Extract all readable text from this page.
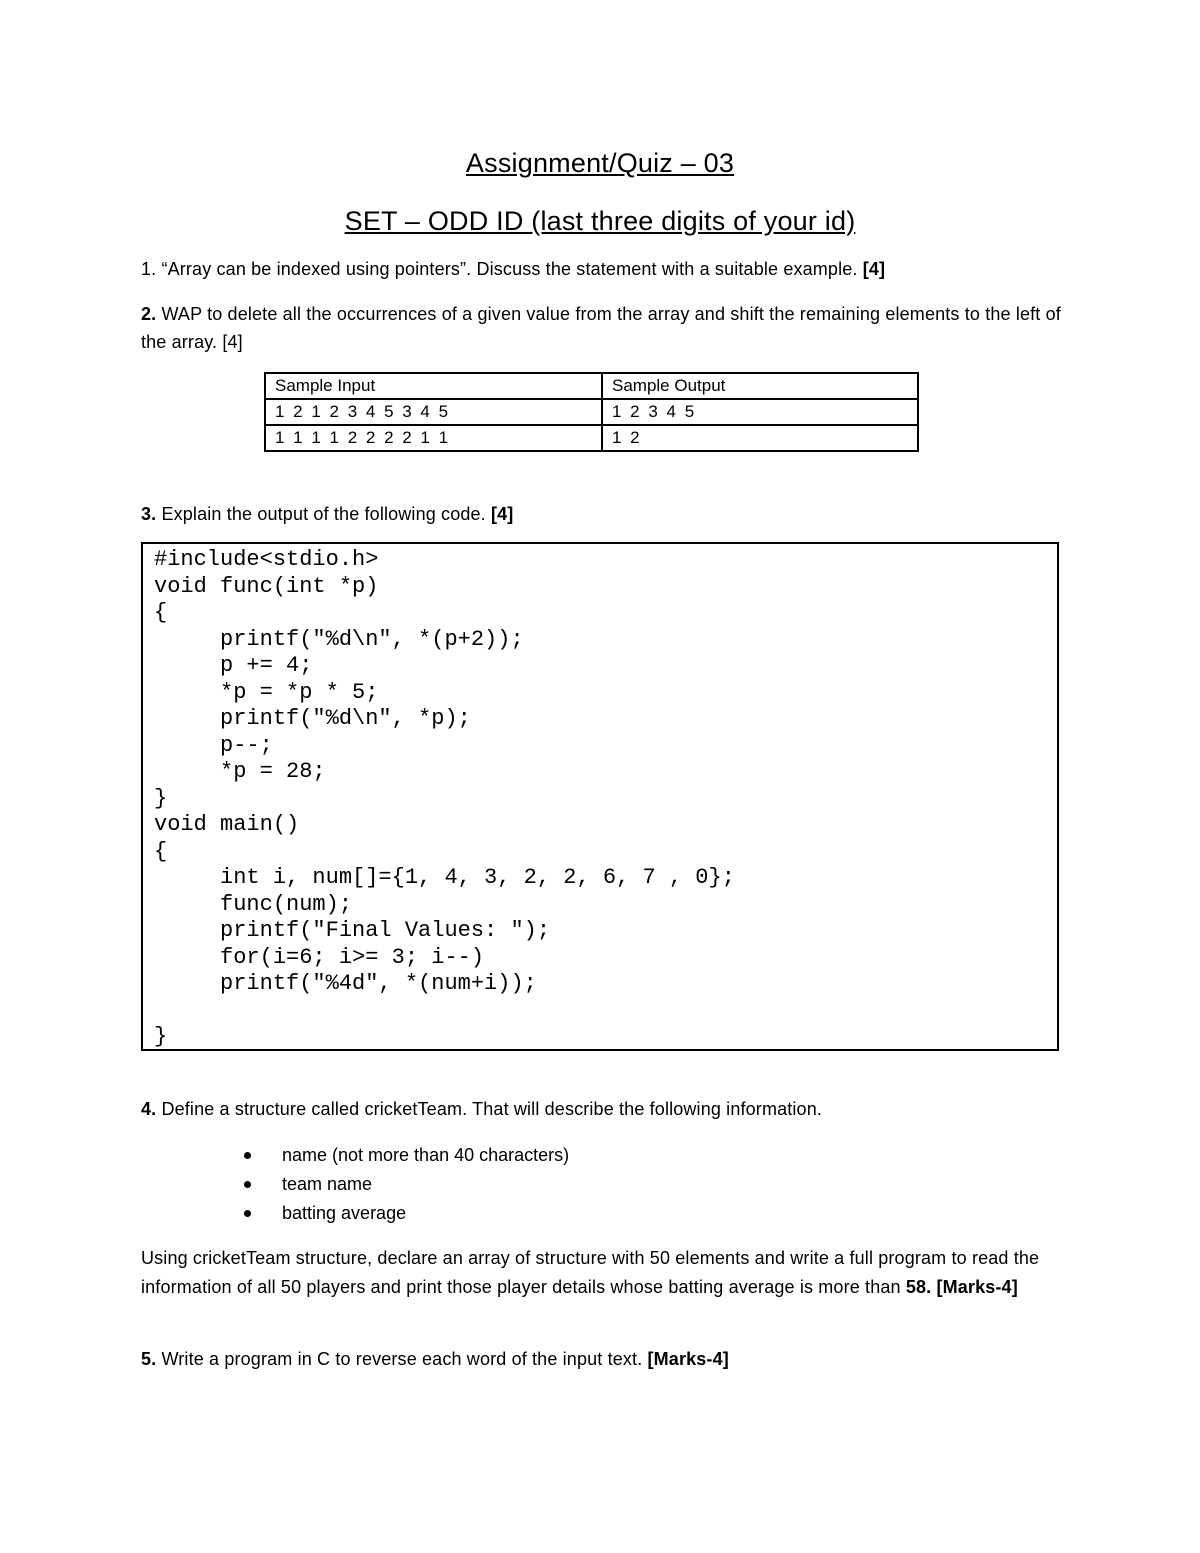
Assignment/Quiz – 03
SET – ODD ID (last three digits of your id)
1. “Array can be indexed using pointers”. Discuss the statement with a suitable example. [4]
2. WAP to delete all the occurrences of a given value from the array and shift the remaining elements to the left of the array. [4]
Sample Input	Sample Output
1 2 1 2 3 4 5 3 4 5	1 2 3 4 5
1 1 1 1 2 2 2 2 1 1	1 2
3. Explain the output of the following code. [4]
#include<stdio.h>
void func(int *p)
{
printf("%d\n", *(p+2));
p += 4;
*p = *p * 5;
printf("%d\n", *p);
p--;
*p = 28;
}
void main()
{
int i, num[]={1, 4, 3, 2, 2, 6, 7 , 0};
func(num);
printf("Final Values: ");
for(i=6; i>= 3; i--)
printf("%4d", *(num+i));
}
4. Define a structure called cricketTeam. That will describe the following information.
name (not more than 40 characters)
team name
batting average
Using cricketTeam structure, declare an array of structure with 50 elements and write a full program to read the information of all 50 players and print those player details whose batting average is more than 58. [Marks-4]
5. Write a program in C to reverse each word of the input text. [Marks-4]
